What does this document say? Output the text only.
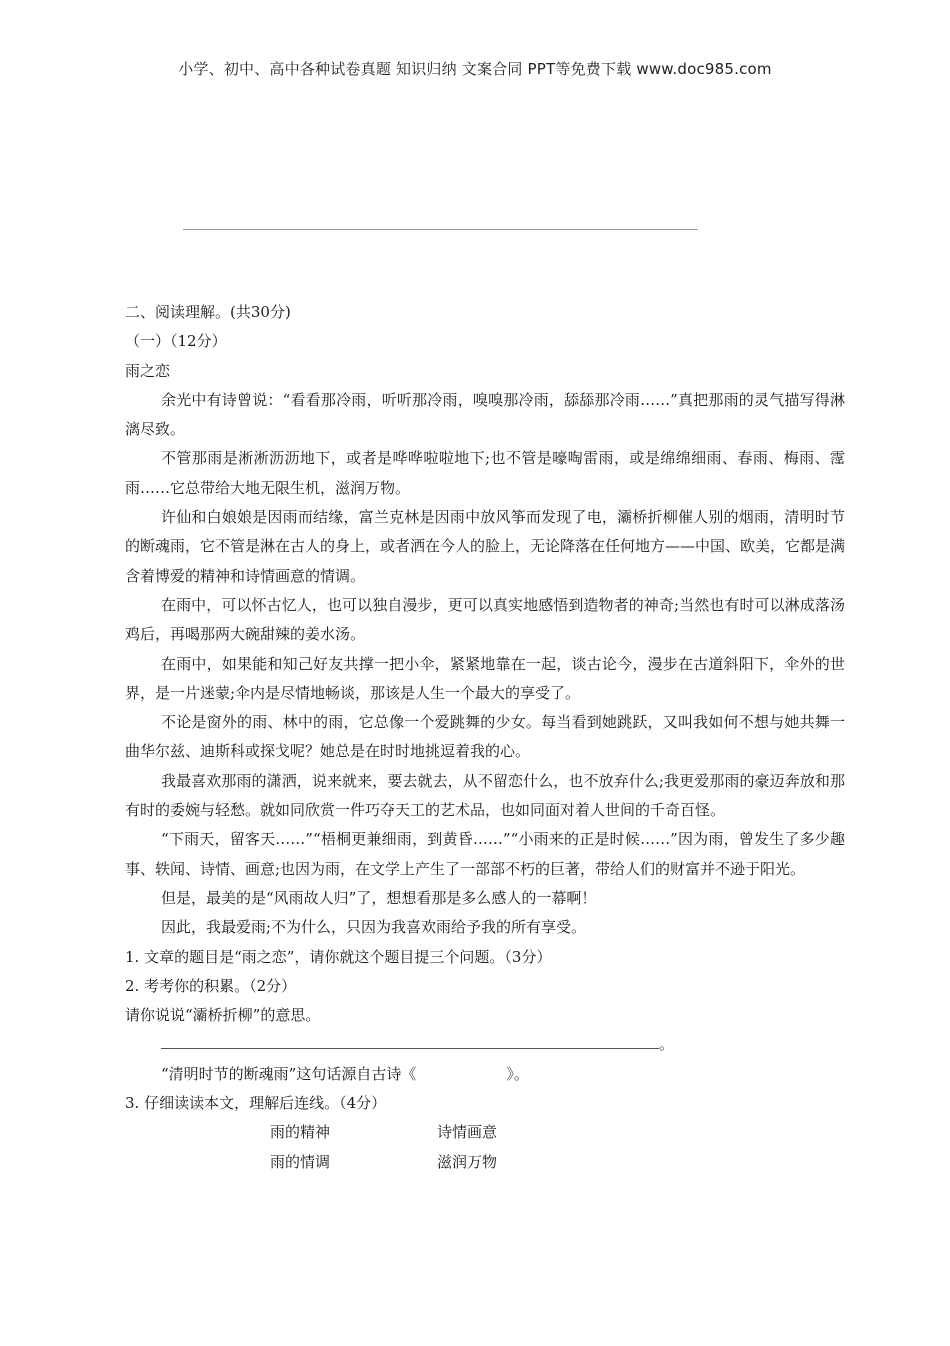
小学、初中、高中各种试卷真题 知识归纳 文案合同 PPT等免费下载 www.doc985.com
二、阅读理解。(共30分)
（一）（12分）
雨之恋
余光中有诗曾说：“看看那冷雨，听听那冷雨，嗅嗅那冷雨，舔舔那冷雨……”真把那雨的灵气描写得淋漓尽致。
不管那雨是淅淅沥沥地下，或者是哗哗啦啦地下;也不管是嚎啕雷雨，或是绵绵细雨、春雨、梅雨、霪雨……它总带给大地无限生机，滋润万物。
许仙和白娘娘是因雨而结缘，富兰克林是因雨中放风筝而发现了电，灞桥折柳催人别的烟雨，清明时节的断魂雨，它不管是淋在古人的身上，或者洒在今人的脸上，无论降落在任何地方——中国、欧美，它都是满含着博爱的精神和诗情画意的情调。
在雨中，可以怀古忆人，也可以独自漫步，更可以真实地感悟到造物者的神奇;当然也有时可以淋成落汤鸡后，再喝那两大碗甜辣的姜水汤。
在雨中，如果能和知己好友共撑一把小伞，紧紧地靠在一起，谈古论今，漫步在古道斜阳下，伞外的世界，是一片迷蒙;伞内是尽情地畅谈，那该是人生一个最大的享受了。
不论是窗外的雨、林中的雨，它总像一个爱跳舞的少女。每当看到她跳跃，又叫我如何不想与她共舞一曲华尔兹、迪斯科或探戈呢？她总是在时时地挑逗着我的心。
我最喜欢那雨的潇洒，说来就来，要去就去，从不留恋什么，也不放弃什么;我更爱那雨的豪迈奔放和那有时的委婉与轻愁。就如同欣赏一件巧夺天工的艺术品，也如同面对着人世间的千奇百怪。
“下雨天，留客天……”“梧桐更兼细雨，到黄昏……”“小雨来的正是时候……”因为雨，曾发生了多少趣事、轶闻、诗情、画意;也因为雨，在文学上产生了一部部不朽的巨著，带给人们的财富并不逊于阳光。
但是，最美的是“风雨故人归”了，想想看那是多么感人的一幕啊！
因此，我最爱雨;不为什么，只因为我喜欢雨给予我的所有享受。
1. 文章的题目是“雨之恋”，请你就这个题目提三个问题。（3分）
2. 考考你的积累。（2分）
请你说说“灞桥折柳”的意思。
。
“清明时节的断魂雨”这句话源自古诗《	》。
3. 仔细读读本文，理解后连线。（4分）
雨的精神	诗情画意
雨的情调	滋润万物
